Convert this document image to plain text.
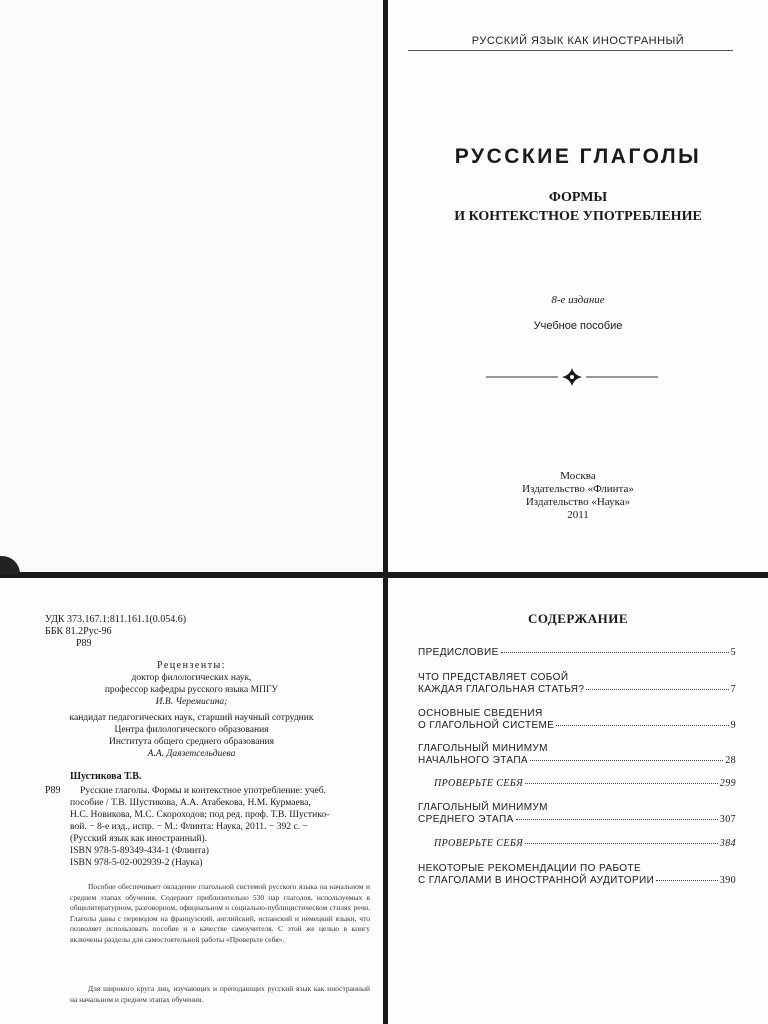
РУССКИЙ ЯЗЫК КАК ИНОСТРАННЫЙ
РУССКИЕ ГЛАГОЛЫ
ФОРМЫ
И КОНТЕКСТНОЕ УПОТРЕБЛЕНИЕ
8-е издание
Учебное пособие
Москва
Издательство «Флинта»
Издательство «Наука»
2011
УДК 373.167.1:811.161.1(0.054.6)
ББК 81.2Рус-96
Р89
Рецензенты:
доктор филологических наук,
профессор кафедры русского языка МПГУ
И.В. Черемисина;
кандидат педагогических наук, старший научный сотрудник
Центра филологического образования
Института общего среднего образования
А.А. Даязетсельдиева
Шустикова Т.В.
Р89 Русские глаголы. Формы и контекстное употребление: учеб.
пособие / Т.В. Шустикова, А.А. Атабекова, Н.М. Курмаева,
Н.С. Новикова, М.С. Скороходов; под ред. проф. Т.В. Шустико-
вой. − 8-е изд., испр. − М.: Флинта: Наука, 2011. − 392 с. −
(Русский язык как иностранный).
ISBN 978-5-89349-434-1 (Флинта)
ISBN 978-5-02-002939-2 (Наука)
Пособие обеспечивает овладение глагольной системой русского языка на начальном и среднем этапах обучения. Содержит приблизительно 530 пар глаголов, используемых в общелитературном, разговорном, официальном и социально-публицистическом стилях речи. Глаголы даны с переводом на французский, английский, испанский и немецкий языки, что позволяет использовать пособие и в качестве самоучителя. С этой же целью в книгу включены разделы для самостоятельной работы «Проверьте себя».
Для широкого круга лиц, изучающих и преподающих русский язык как иностранный на начальном и среднем этапах обучения.
СОДЕРЖАНИЕ
ПРЕДИСЛОВИЕ	5
ЧТО ПРЕДСТАВЛЯЕТ СОБОЙ
КАЖДАЯ ГЛАГОЛЬНАЯ СТАТЬЯ?	7
ОСНОВНЫЕ СВЕДЕНИЯ
О ГЛАГОЛЬНОЙ СИСТЕМЕ	9
ГЛАГОЛЬНЫЙ МИНИМУМ
НАЧАЛЬНОГО ЭТАПА	28
ПРОВЕРЬТЕ СЕБЯ	299
ГЛАГОЛЬНЫЙ МИНИМУМ
СРЕДНЕГО ЭТАПА	307
ПРОВЕРЬТЕ СЕБЯ	384
НЕКОТОРЫЕ РЕКОМЕНДАЦИИ ПО РАБОТЕ
С ГЛАГОЛАМИ В ИНОСТРАННОЙ АУДИТОРИИ	390
